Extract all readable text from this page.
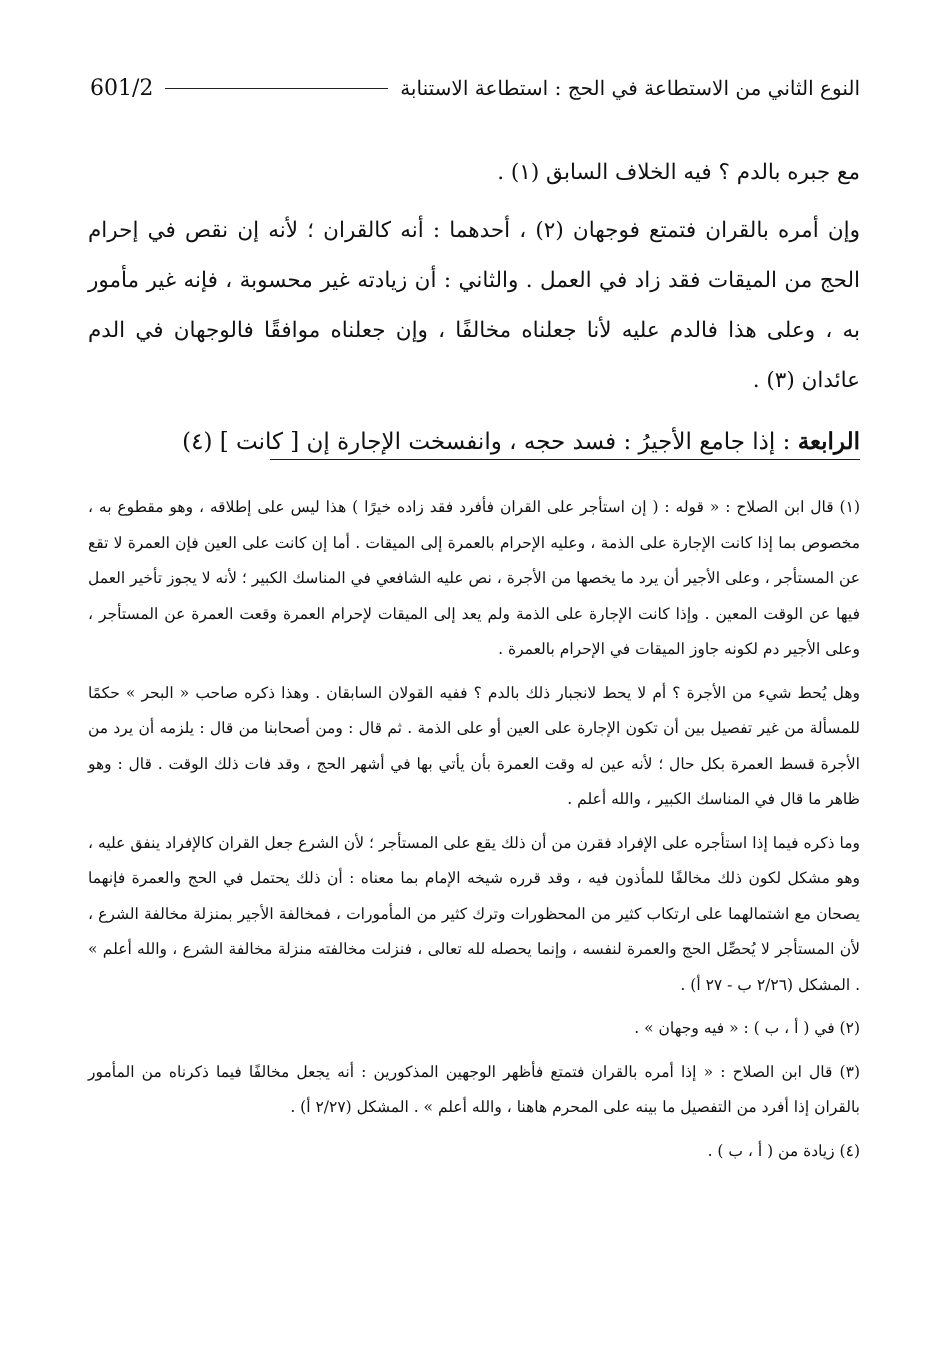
601/2	النوع الثاني من الاستطاعة في الحج : استطاعة الاستنابة

مع جبره بالدم ؟ فيه الخلاف السابق (١) .

وإن أمره بالقران فتمتع فوجهان (٢) ، أحدهما : أنه كالقران ؛ لأنه إن نقص في إحرام الحج من الميقات فقد زاد في العمل . والثاني : أن زيادته غير محسوبة ، فإنه غير مأمور به ، وعلى هذا فالدم عليه لأنا جعلناه مخالفًا ، وإن جعلناه موافقًا فالوجهان في الدم عائدان (٣) .

الرابعة : إذا جامع الأجيرُ : فسد حجه ، وانفسخت الإجارة إن [ كانت ] (٤)

(١) قال ابن الصلاح : « قوله : ( إن استأجر على القران فأفرد فقد زاده خيرًا ) هذا ليس على إطلاقه ، وهو مقطوع به ، مخصوص بما إذا كانت الإجارة على الذمة ، وعليه الإحرام بالعمرة إلى الميقات . أما إن كانت على العين فإن العمرة لا تقع عن المستأجر ، وعلى الأجير أن يرد ما يخصها من الأجرة ، نص عليه الشافعي في المناسك الكبير ؛ لأنه لا يجوز تأخير العمل فيها عن الوقت المعين . وإذا كانت الإجارة على الذمة ولم يعد إلى الميقات لإحرام العمرة وقعت العمرة عن المستأجر ، وعلى الأجير دم لكونه جاوز الميقات في الإحرام بالعمرة .

وهل يُحط شيء من الأجرة ؟ أم لا يحط لانجبار ذلك بالدم ؟ ففيه القولان السابقان . وهذا ذكره صاحب « البحر » حكمًا للمسألة من غير تفصيل بين أن تكون الإجارة على العين أو على الذمة . ثم قال : ومن أصحابنا من قال : يلزمه أن يرد من الأجرة قسط العمرة بكل حال ؛ لأنه عين له وقت العمرة بأن يأتي بها في أشهر الحج ، وقد فات ذلك الوقت . قال : وهو ظاهر ما قال في المناسك الكبير ، والله أعلم .

وما ذكره فيما إذا استأجره على الإفراد فقرن من أن ذلك يقع على المستأجر ؛ لأن الشرع جعل القران كالإفراد ينفق عليه ، وهو مشكل لكون ذلك مخالفًا للمأذون فيه ، وقد قرره شيخه الإمام بما معناه : أن ذلك يحتمل في الحج والعمرة فإنهما يصحان مع اشتمالهما على ارتكاب كثير من المحظورات وترك كثير من المأمورات ، فمخالفة الأجير بمنزلة مخالفة الشرع ، لأن المستأجر لا يُحصِّل الحج والعمرة لنفسه ، وإنما يحصله لله تعالى ، فنزلت مخالفته منزلة مخالفة الشرع ، والله أعلم » . المشكل (٢/٢٦ ب - ٢٧ أ) .

(٢) في ( أ ، ب ) : « فيه وجهان » .

(٣) قال ابن الصلاح : « إذا أمره بالقران فتمتع فأظهر الوجهين المذكورين : أنه يجعل مخالفًا فيما ذكرناه من المأمور بالقران إذا أفرد من التفصيل ما بينه على المحرم هاهنا ، والله أعلم » . المشكل (٢/٢٧ أ) .

(٤) زيادة من ( أ ، ب ) .
